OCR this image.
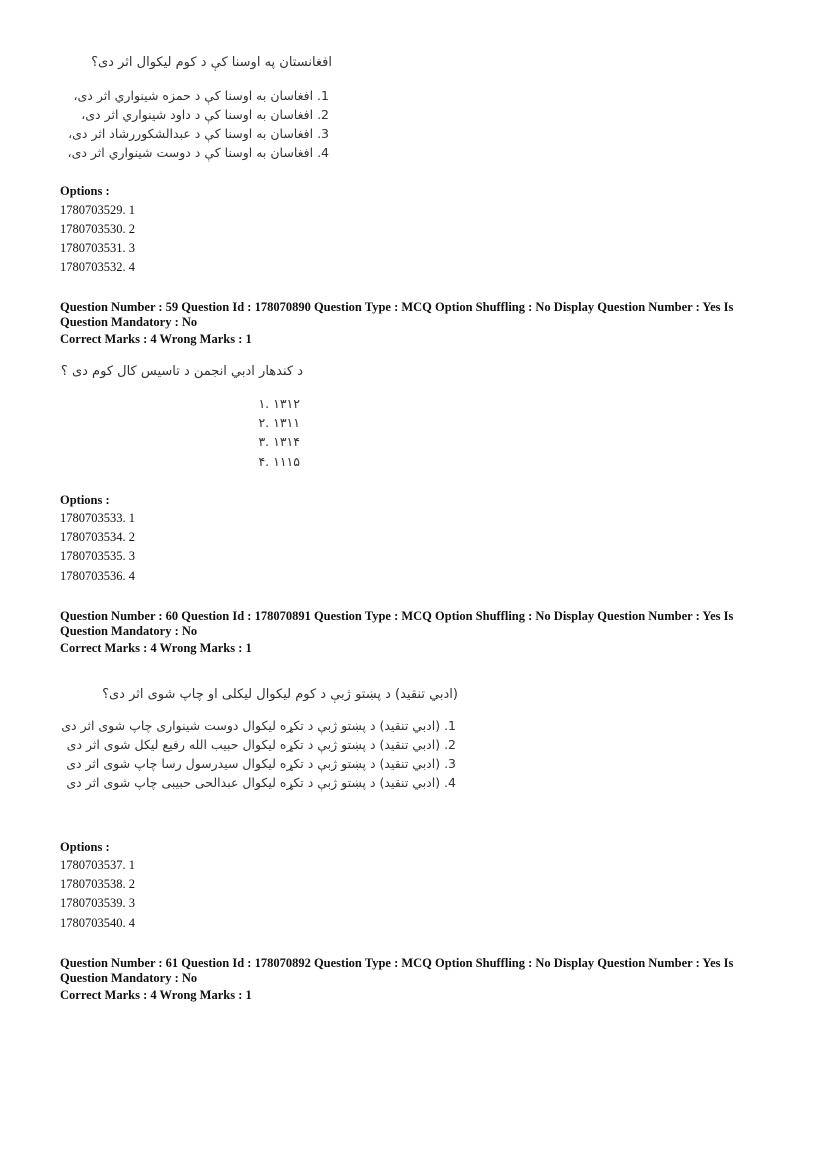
افغانستان په اوسنا کې د کوم لیکوال اثر دی؟
1. افغاسان به اوسنا کې د حمزه شینواري اثر دی،
2. افغاسان به اوسنا کې د داود شینواري اثر دی،
3. افغاسان به اوسنا کې د عبدالشکوررشاد اثر دی،
4. افغاسان به اوسنا کې د دوست شینواري اثر دی،
Options :
1780703529. 1
1780703530. 2
1780703531. 3
1780703532. 4
Question Number : 59 Question Id : 178070890 Question Type : MCQ Option Shuffling : No Display Question Number : Yes Is Question Mandatory : No
Correct Marks : 4 Wrong Marks : 1
د کندهار ادبي انجمن د تاسیس کال کوم دی ؟
۱. ۱۳۱۲
۲. ۱۳۱۱
۳. ۱۳۱۴
۴. ۱۱۱۵
Options :
1780703533. 1
1780703534. 2
1780703535. 3
1780703536. 4
Question Number : 60 Question Id : 178070891 Question Type : MCQ Option Shuffling : No Display Question Number : Yes Is Question Mandatory : No
Correct Marks : 4 Wrong Marks : 1
(ادبي تنقید) د پښتو ژبې د کوم لیکوال لیکلی او چاپ شوی اثر دی؟
1. (ادبي تنقید) د پښتو ژبې د تکړه لیکوال دوست شینواری چاپ شوی اثر دی
2. (ادبي تنقید) د پښتو ژبې د تکړه لیکوال حبیب الله رفیع لیکل شوی اثر دی
3. (ادبي تنقید) د پښتو ژبې د تکړه لیکوال سیدرسول رسا چاپ شوی اثر دی
4. (ادبي تنقید) د پښتو ژبې د تکړه لیکوال عبدالحی حبیبی چاپ شوی اثر دی
Options :
1780703537. 1
1780703538. 2
1780703539. 3
1780703540. 4
Question Number : 61 Question Id : 178070892 Question Type : MCQ Option Shuffling : No Display Question Number : Yes Is Question Mandatory : No
Correct Marks : 4 Wrong Marks : 1
